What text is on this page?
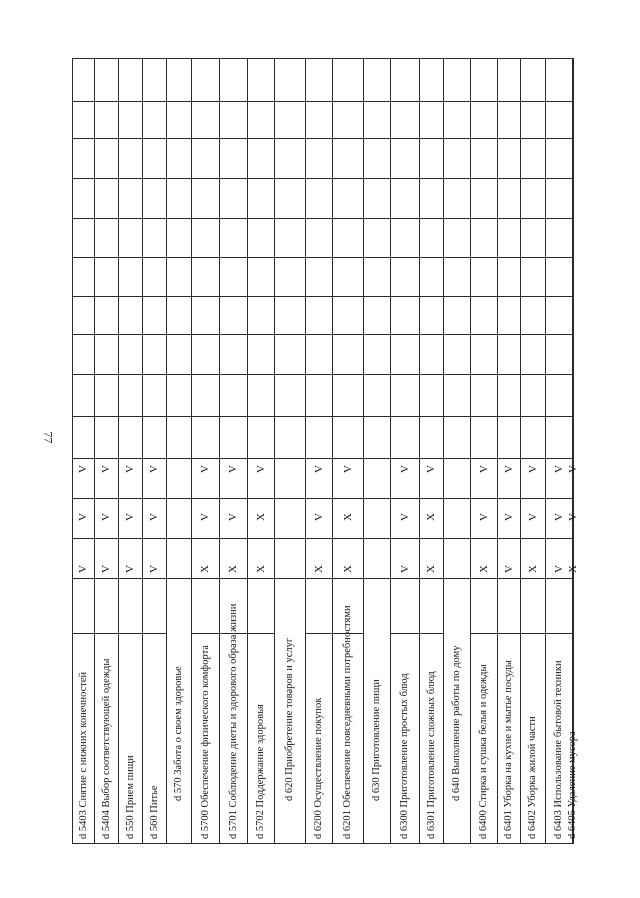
77
d 5403 Снятие с нижних конечностей
V
V
V
d 5404 Выбор соответствующей одежды
V
V
V
d 550 Прием пищи
V
V
V
d 560 Питье
V
V
V
d 570 Забота о своем здоровье d 5700 Обеспечение физического комфорта
X
V
V
d 5701 Соблюдение диеты и здорового образа жизни
X
V
V
d 5702 Поддержание здоровья
X
X
V
d 620 Приобретение товаров и услуг d 6200 Осуществление покупок
X
V
V
d 6201 Обеспечение повседневными потребностями
X
X
V
d 630 Приготовление пищи d 6300 Приготовление простых блюд
V
V
V
d 6301 Приготовление сложных блюд
X
X
V
d 640 Выполнение работы по дому d 6400 Стирка и сушка белья и одежды
X
V
V
d 6401 Уборка на кухне и мытье посуды
V
V
V
d 6402 Уборка жилой части
X
V
V
d 6403 Использование бытовой техники
V
V
V
d 6405 Удаление мусора
X
V
V
